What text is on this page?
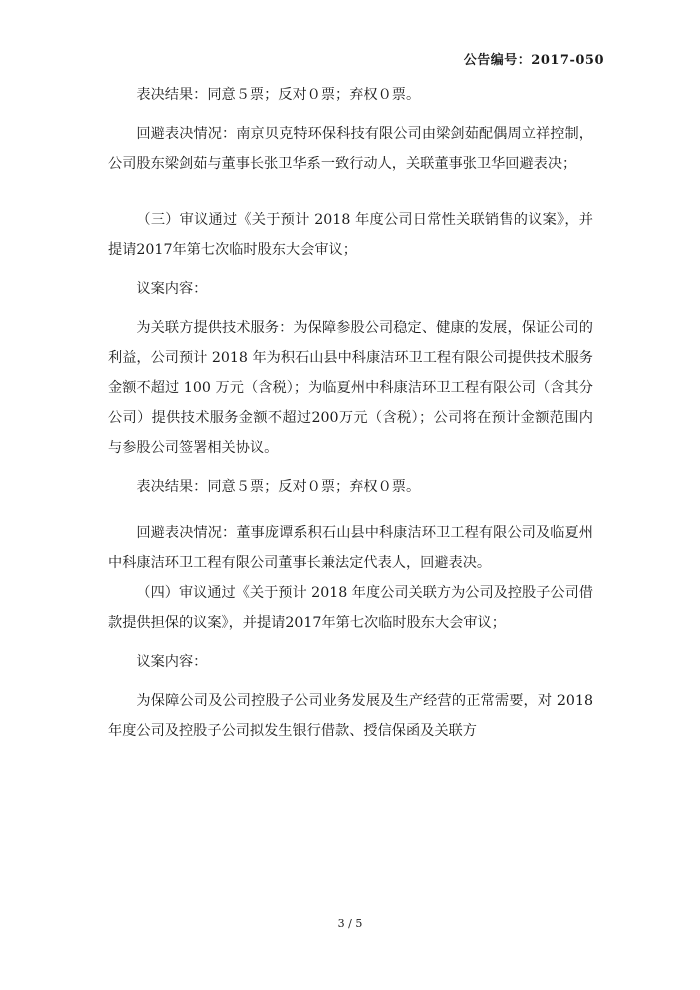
公告编号：2017-050

表决结果：同意５票；反对０票；弃权０票。

回避表决情况：南京贝克特环保科技有限公司由梁剑茹配偶周立祥控制，公司股东梁剑茹与董事长张卫华系一致行动人，关联董事张卫华回避表决；

（三）审议通过《关于预计 2018 年度公司日常性关联销售的议案》，并提请2017年第七次临时股东大会审议；

议案内容：

为关联方提供技术服务：为保障参股公司稳定、健康的发展，保证公司的利益，公司预计 2018 年为积石山县中科康洁环卫工程有限公司提供技术服务金额不超过 100 万元（含税）；为临夏州中科康洁环卫工程有限公司（含其分公司）提供技术服务金额不超过200万元（含税）；公司将在预计金额范围内与参股公司签署相关协议。

表决结果：同意５票；反对０票；弃权０票。

回避表决情况：董事庞谭系积石山县中科康洁环卫工程有限公司及临夏州中科康洁环卫工程有限公司董事长兼法定代表人，回避表决。

（四）审议通过《关于预计 2018 年度公司关联方为公司及控股子公司借款提供担保的议案》，并提请2017年第七次临时股东大会审议；

议案内容：

为保障公司及公司控股子公司业务发展及生产经营的正常需要，对 2018 年度公司及控股子公司拟发生银行借款、授信保函及关联方

3 / 5
